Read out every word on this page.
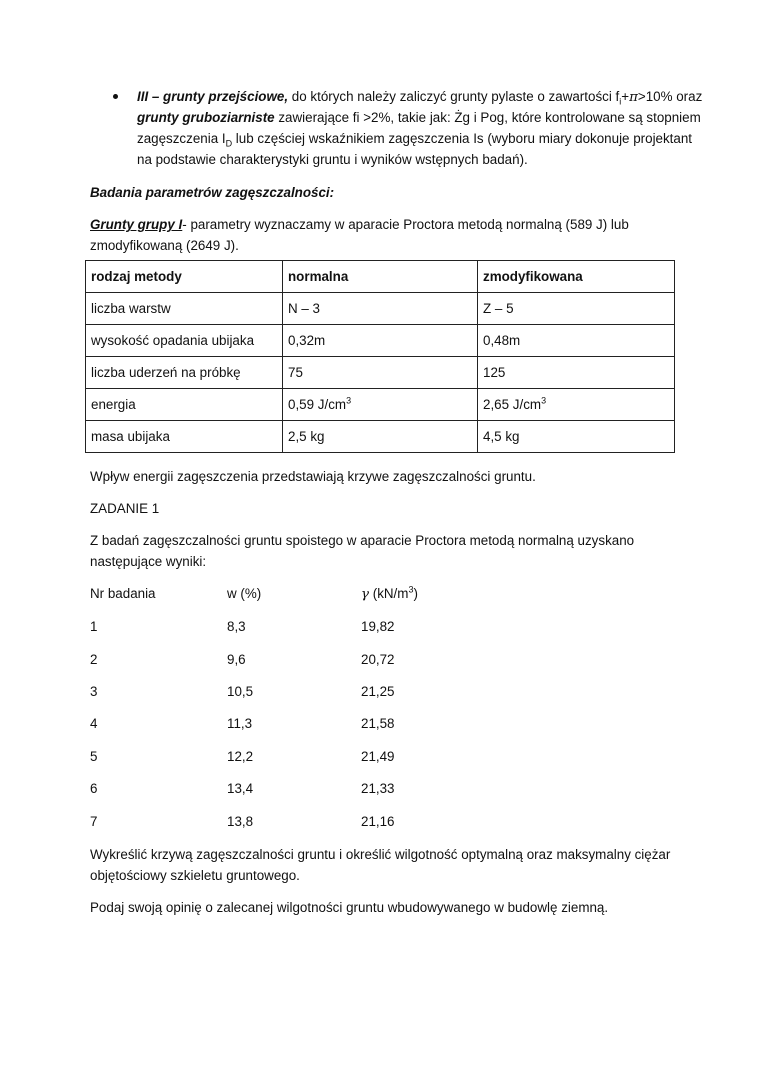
III – grunty przejściowe, do których należy zaliczyć grunty pylaste o zawartości $f_i+\pi>10\%$ oraz
grunty gruboziarniste zawierające fi >2%, takie jak: Żg i Pog, które kontrolowane są stopniem
zagęszczenia $I_D$ lub częściej wskaźnikiem zagęszczenia Is (wyboru miary dokonuje projektant
na podstawie charakterystyki gruntu i wyników wstępnych badań).
Badania parametrów zagęszczalności:
Grunty grupy I- parametry wyznaczamy w aparacie Proctora metodą normalną (589 J) lub
zmodyfikowaną (2649 J).
rodzaj metody	normalna	zmodyfikowana
liczba warstw	N – 3	Z – 5
wysokość opadania ubijaka	0,32m	0,48m
liczba uderzeń na próbkę	75	125
energia	0,59 $J/cm^3$	2,65 $J/cm^3$
masa ubijaka	2,5 kg	4,5 kg
Wpływ energii zagęszczenia przedstawiają krzywe zagęszczalności gruntu.
ZADANIE 1
Z badań zagęszczalności gruntu spoistego w aparacie Proctora metodą normalną uzyskano
następujące wyniki:
Nr badania	w (%)	γ $(kN/m^3)$
1	8,3	19,82
2	9,6	20,72
3	10,5	21,25
4	11,3	21,58
5	12,2	21,49
6	13,4	21,33
7	13,8	21,16
Wykreślić krzywą zagęszczalności gruntu i określić wilgotność optymalną oraz maksymalny ciężar
objętościowy szkieletu gruntowego.
Podaj swoją opinię o zalecanej wilgotności gruntu wbudowywanego w budowlę ziemną.
